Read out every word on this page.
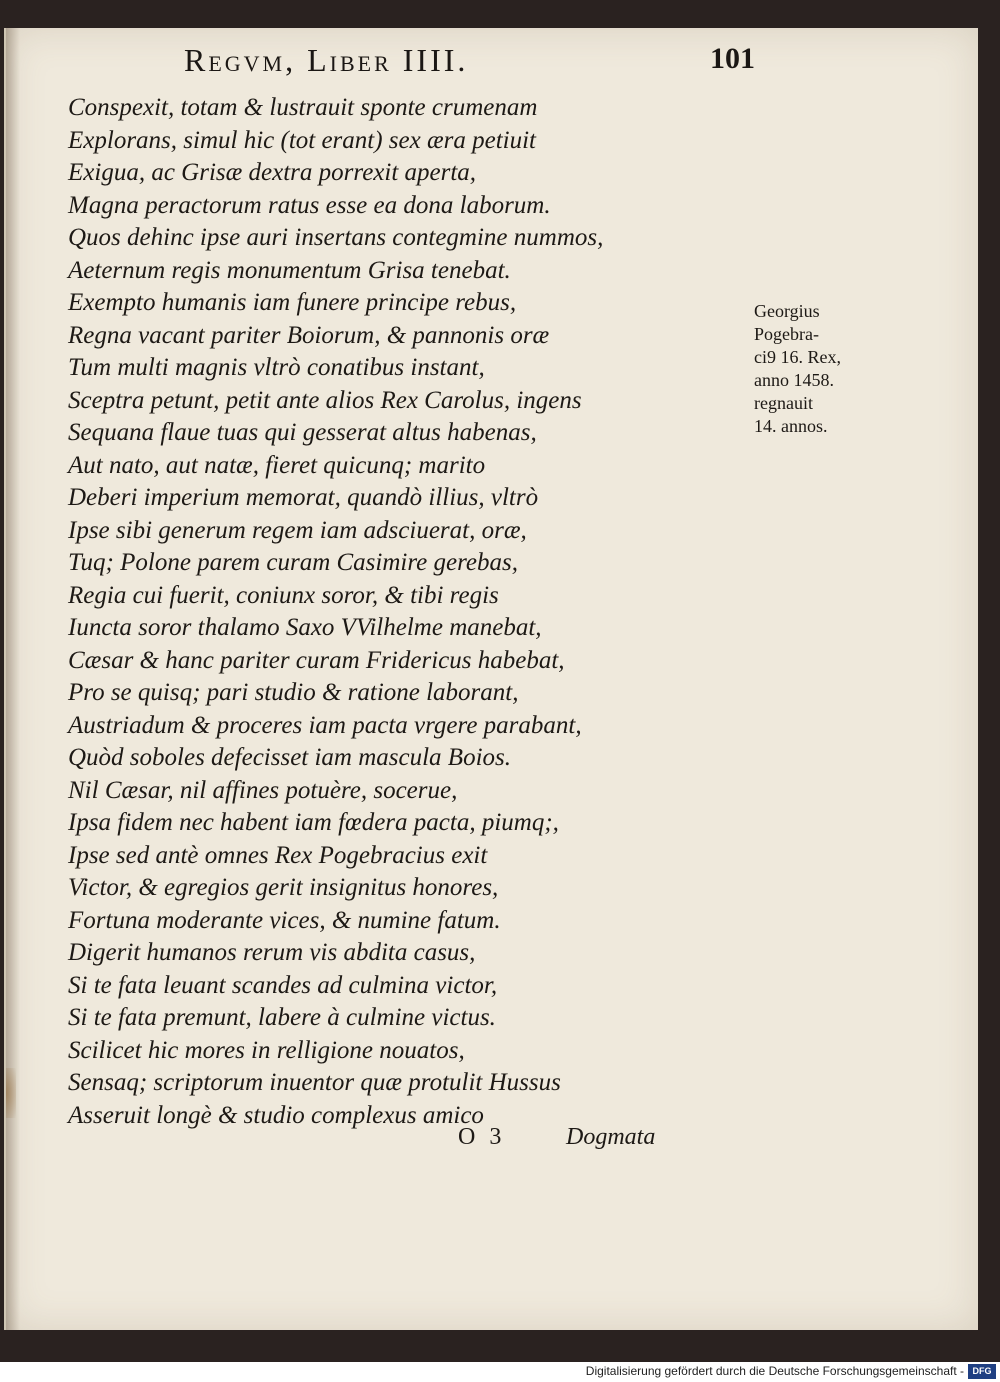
Regvm, Liber IIII.	101
Conspexit, totam & lustrauit sponte crumenam
Explorans, simul hic (tot erant) sex æra petiuit
Exigua, ac Grisæ dextra porrexit aperta,
Magna peractorum ratus esse ea dona laborum.
Quos dehinc ipse auri insertans contegmine nummos,
Aeternum regis monumentum Grisa tenebat.
Exempto humanis iam funere principe rebus,
Regna vacant pariter Boiorum, & pannonis oræ
Tum multi magnis vltrò conatibus instant,
Sceptra petunt, petit ante alios Rex Carolus, ingens
Sequana flaue tuas qui gesserat altus habenas,
Aut nato, aut natæ, fieret quicunq; marito
Deberi imperium memorat, quandò illius, vltrò
Ipse sibi generum regem iam adsciuerat, oræ,
Tuq; Polone parem curam Casimire gerebas,
Regia cui fuerit, coniunx soror, & tibi regis
Iuncta soror thalamo Saxo VVilhelme manebat,
Cæsar & hanc pariter curam Fridericus habebat,
Pro se quisq; pari studio & ratione laborant,
Austriadum & proceres iam pacta vrgere parabant,
Quòd soboles defecisset iam mascula Boios.
Nil Cæsar, nil affines potuère, socerue,
Ipsa fidem nec habent iam fœdera pacta, piumq;,
Ipse sed antè omnes Rex Pogebracius exit
Victor, & egregios gerit insignitus honores,
Fortuna moderante vices, & numine fatum.
Digerit humanos rerum vis abdita casus,
Si te fata leuant scandes ad culmina victor,
Si te fata premunt, labere à culmine victus.
Scilicet hic mores in relligione nouatos,
Sensaq; scriptorum inuentor quæ protulit Hussus
Asseruit longè & studio complexus amico
Georgius
Pogebra-
ci9 16. Rex,
anno 1458.
regnauit
14. annos.
O 3	Dogmata
Digitalisierung gefördert durch die Deutsche Forschungsgemeinschaft - DFG
